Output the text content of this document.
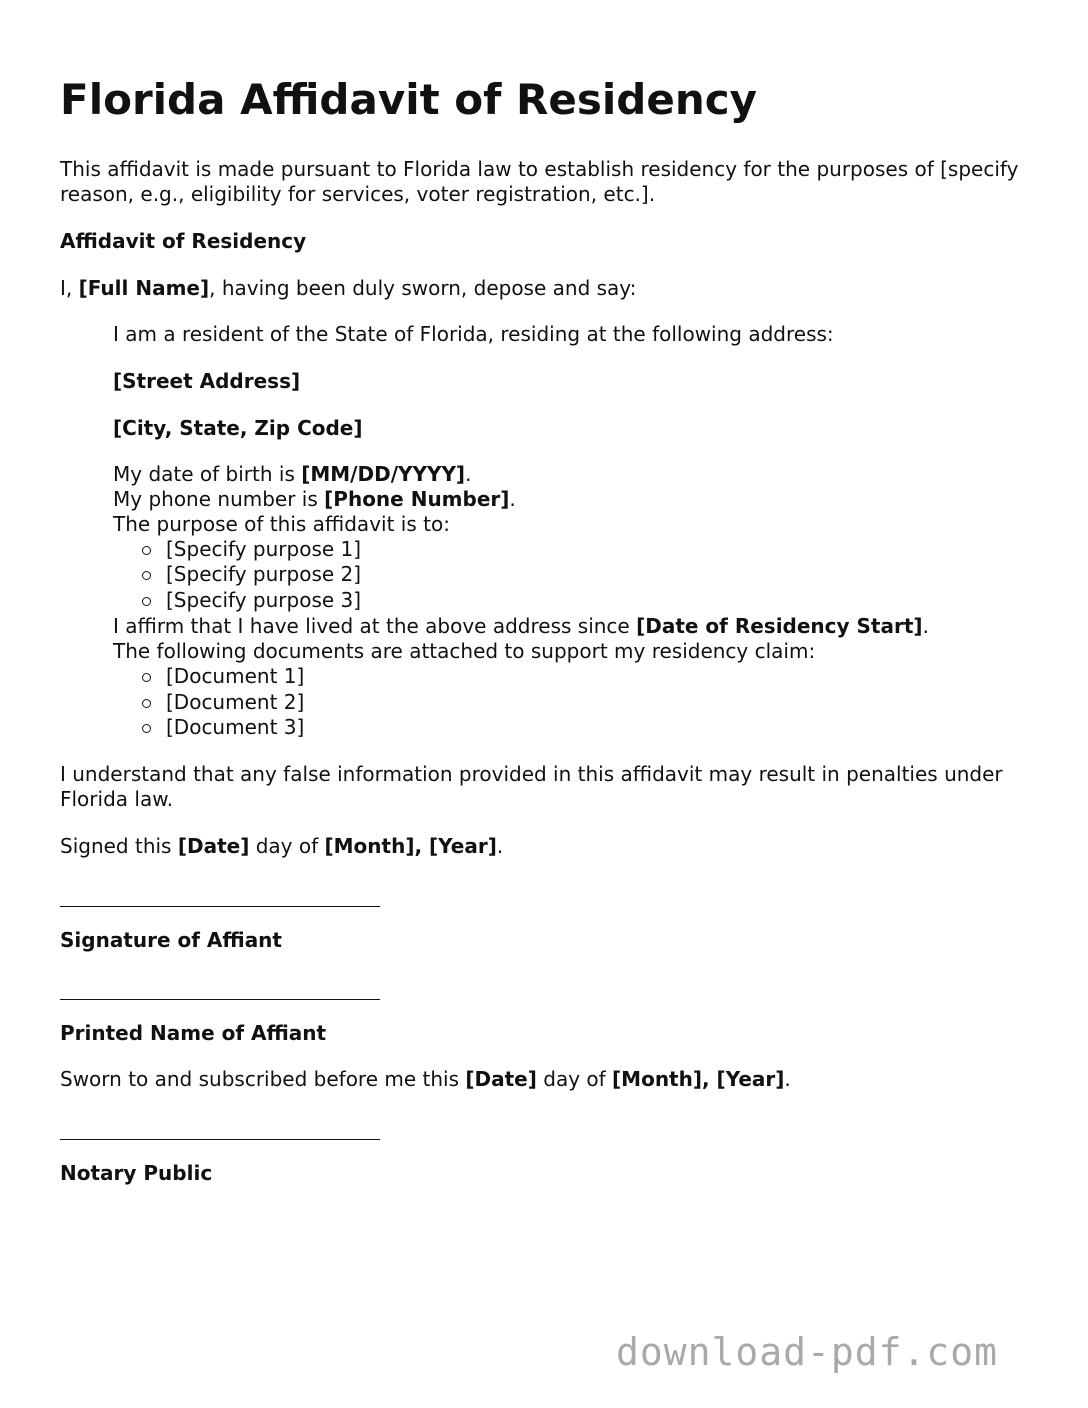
Florida Affidavit of Residency

This affidavit is made pursuant to Florida law to establish residency for the purposes of [specify reason, e.g., eligibility for services, voter registration, etc.].

Affidavit of Residency

I, [Full Name], having been duly sworn, depose and say:

I am a resident of the State of Florida, residing at the following address:
[Street Address]
[City, State, Zip Code]
My date of birth is [MM/DD/YYYY].
My phone number is [Phone Number].
The purpose of this affidavit is to:
[Specify purpose 1]
[Specify purpose 2]
[Specify purpose 3]
I affirm that I have lived at the above address since [Date of Residency Start].
The following documents are attached to support my residency claim:
[Document 1]
[Document 2]
[Document 3]

I understand that any false information provided in this affidavit may result in penalties under Florida law.

Signed this [Date] day of [Month], [Year].

Signature of Affiant
Printed Name of Affiant

Sworn to and subscribed before me this [Date] day of [Month], [Year].

Notary Public
download-pdf.com
